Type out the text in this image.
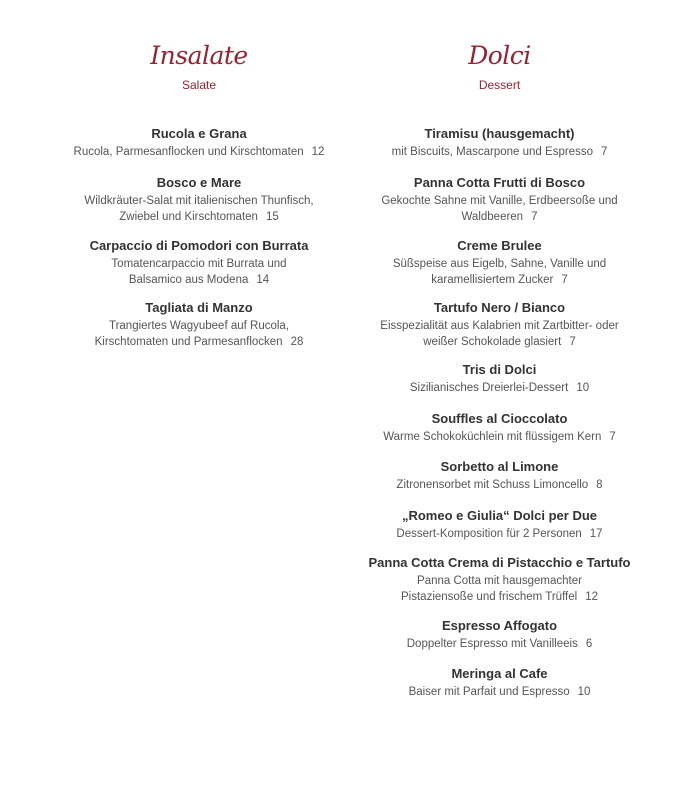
Insalate
Salate
Rucola e Grana
Rucola, Parmesanflocken und Kirschtomaten 12
Bosco e Mare
Wildkräuter-Salat mit italienischen Thunfisch,
Zwiebel und Kirschtomaten 15
Carpaccio di Pomodori con Burrata
Tomatencarpaccio mit Burrata und
Balsamico aus Modena 14
Tagliata di Manzo
Trangiertes Wagyubeef auf Rucola,
Kirschtomaten und Parmesanflocken 28
Dolci
Dessert
Tiramisu (hausgemacht)
mit Biscuits, Mascarpone und Espresso 7
Panna Cotta Frutti di Bosco
Gekochte Sahne mit Vanille, Erdbeersoße und
Waldbeeren 7
Creme Brulee
Süßspeise aus Eigelb, Sahne, Vanille und
karamellisiertem Zucker 7
Tartufo Nero / Bianco
Eisspezialität aus Kalabrien mit Zartbitter- oder
weißer Schokolade glasiert 7
Tris di Dolci
Sizilianisches Dreierlei-Dessert 10
Souffles al Cioccolato
Warme Schokoküchlein mit flüssigem Kern 7
Sorbetto al Limone
Zitronensorbet mit Schuss Limoncello 8
„Romeo e Giulia“ Dolci per Due
Dessert-Komposition für 2 Personen 17
Panna Cotta Crema di Pistacchio e Tartufo
Panna Cotta mit hausgemachter
Pistaziensoße und frischem Trüffel 12
Espresso Affogato
Doppelter Espresso mit Vanilleeis 6
Meringa al Cafe
Baiser mit Parfait und Espresso 10
